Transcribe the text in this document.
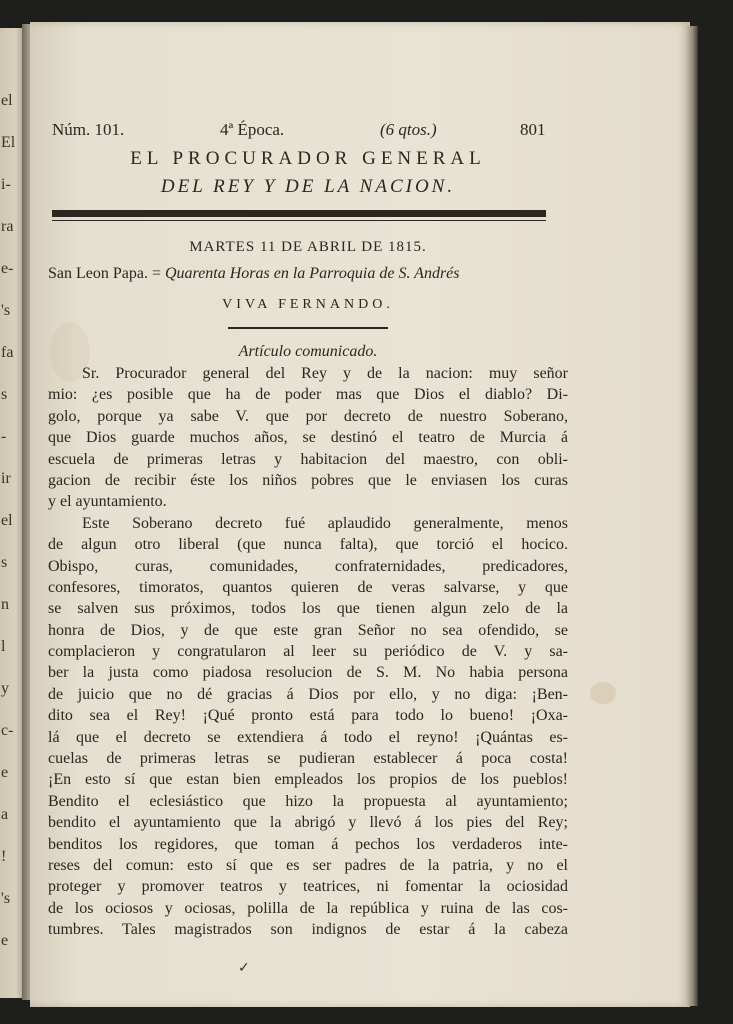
el
El
i-
ra
e-
's
fa
s
-
ir
el
s
n
l
y
c-
e
a
!
's
e
Núm. 101.	4ª Época.	(6 qtos.)	801
EL PROCURADOR GENERAL
DEL REY Y DE LA NACION.
MARTES 11 DE ABRIL DE 1815.
San Leon Papa. = Quarenta Horas en la Parroquia de S. Andrés
VIVA FERNANDO.
Artículo comunicado.
Sr. Procurador general del Rey y de la nacion: muy señor
mio: ¿es posible que ha de poder mas que Dios el diablo? Di-
golo, porque ya sabe V. que por decreto de nuestro Soberano,
que Dios guarde muchos años, se destinó el teatro de Murcia á
escuela de primeras letras y habitacion del maestro, con obli-
gacion de recibir éste los niños pobres que le enviasen los curas
y el ayuntamiento.
Este Soberano decreto fué aplaudido generalmente, menos
de algun otro liberal (que nunca falta), que torció el hocico.
Obispo, curas, comunidades, confraternidades, predicadores,
confesores, timoratos, quantos quieren de veras salvarse, y que
se salven sus próximos, todos los que tienen algun zelo de la
honra de Dios, y de que este gran Señor no sea ofendido, se
complacieron y congratularon al leer su periódico de V. y sa-
ber la justa como piadosa resolucion de S. M. No habia persona
de juicio que no dé gracias á Dios por ello, y no diga: ¡Ben-
dito sea el Rey! ¡Qué pronto está para todo lo bueno! ¡Oxa-
lá que el decreto se extendiera á todo el reyno! ¡Quántas es-
cuelas de primeras letras se pudieran establecer á poca costa!
¡En esto sí que estan bien empleados los propios de los pueblos!
Bendito el eclesiástico que hizo la propuesta al ayuntamiento;
bendito el ayuntamiento que la abrigó y llevó á los pies del Rey;
benditos los regidores, que toman á pechos los verdaderos inte-
reses del comun: esto sí que es ser padres de la patria, y no el
proteger y promover teatros y teatrices, ni fomentar la ociosidad
de los ociosos y ociosas, polilla de la república y ruina de las cos-
tumbres. Tales magistrados son indignos de estar á la cabeza
✓
